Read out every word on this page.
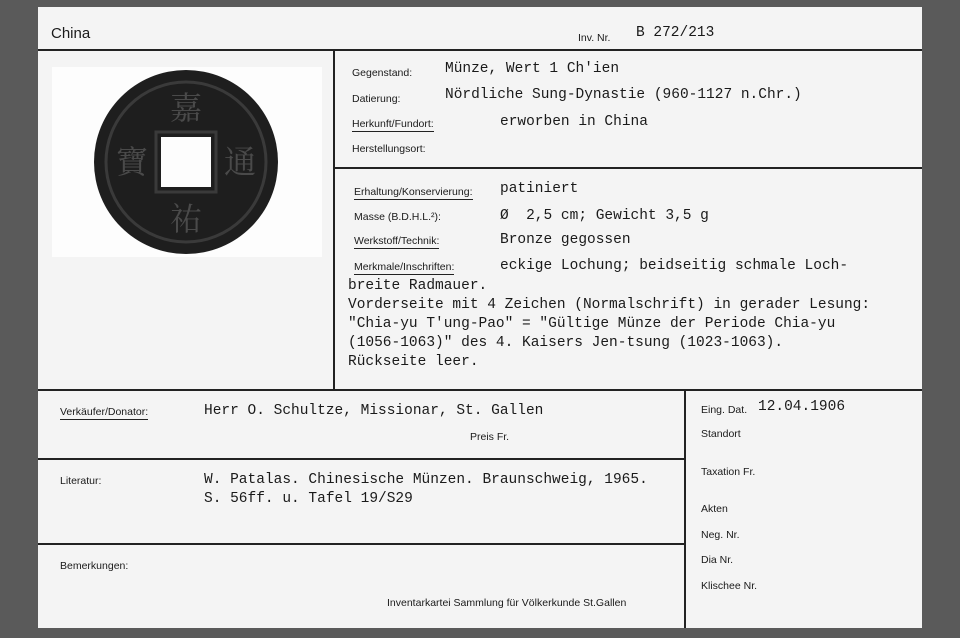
China	Inv. Nr. B 272/213
嘉
祐
通
寶
Gegenstand: Münze, Wert 1 Ch'ien
Datierung:	Nördliche Sung-Dynastie (960-1127 n.Chr.)
Herkunft/Fundort:	erworben in China
Herstellungsort:
Erhaltung/Konservierung: patiniert
Masse (B.D.H.L.²):	Ø  2,5 cm; Gewicht 3,5 g
Werkstoff/Technik:	Bronze gegossen
Merkmale/Inschriften:	eckige Lochung; beidseitig schmale Loch-
breite Radmauer.
Vorderseite mit 4 Zeichen (Normalschrift) in gerader Lesung:
"Chia-yu T'ung-Pao" = "Gültige Münze der Periode Chia-yu
(1056-1063)" des 4. Kaisers Jen-tsung (1023-1063).
Rückseite leer.
Verkäufer/Donator:	Herr O. Schultze, Missionar, St. Gallen
Preis Fr.
Literatur:	W. Patalas. Chinesische Münzen. Braunschweig, 1965.
S. 56ff. u. Tafel 19/S29
Bemerkungen:
Inventarkartei Sammlung für Völkerkunde St.Gallen
Eing. Dat. 12.04.1906
Standort
Taxation Fr.
Akten
Neg. Nr.
Dia Nr.
Klischee Nr.
